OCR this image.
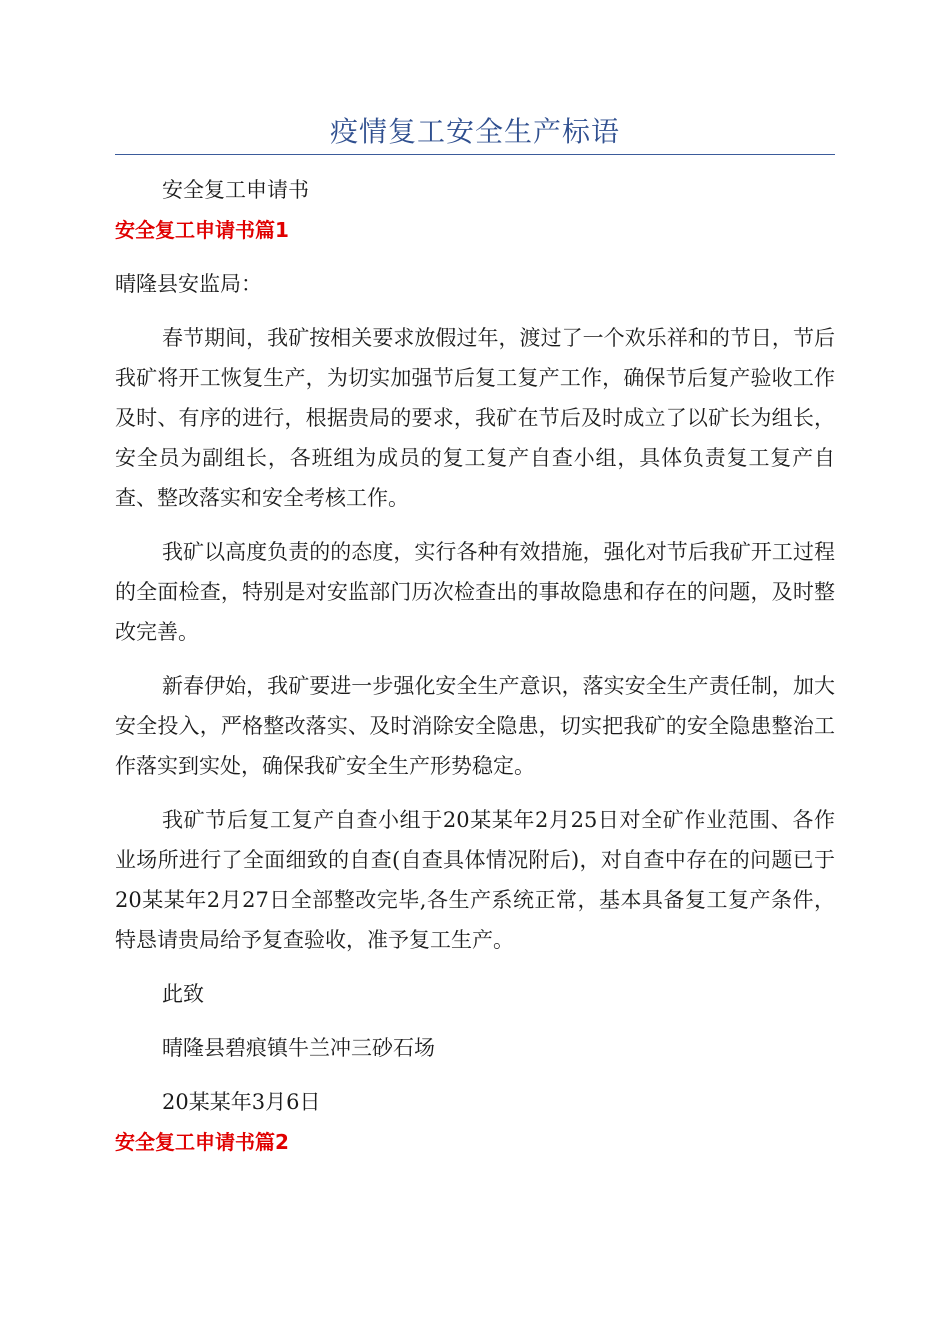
疫情复工安全生产标语

安全复工申请书

安全复工申请书篇1

晴隆县安监局：

春节期间，我矿按相关要求放假过年，渡过了一个欢乐祥和的节日，节后我矿将开工恢复生产，为切实加强节后复工复产工作，确保节后复产验收工作及时、有序的进行，根据贵局的要求，我矿在节后及时成立了以矿长为组长，安全员为副组长，各班组为成员的复工复产自查小组，具体负责复工复产自查、整改落实和安全考核工作。

我矿以高度负责的的态度，实行各种有效措施，强化对节后我矿开工过程的全面检查，特别是对安监部门历次检查出的事故隐患和存在的问题，及时整改完善。

新春伊始，我矿要进一步强化安全生产意识，落实安全生产责任制，加大安全投入，严格整改落实、及时消除安全隐患，切实把我矿的安全隐患整治工作落实到实处，确保我矿安全生产形势稳定。

我矿节后复工复产自查小组于20某某年2月25日对全矿作业范围、各作业场所进行了全面细致的自查(自查具体情况附后)，对自查中存在的问题已于20某某年2月27日全部整改完毕,各生产系统正常，基本具备复工复产条件，特恳请贵局给予复查验收，准予复工生产。

此致

晴隆县碧痕镇牛兰冲三砂石场

20某某年3月6日

安全复工申请书篇2
